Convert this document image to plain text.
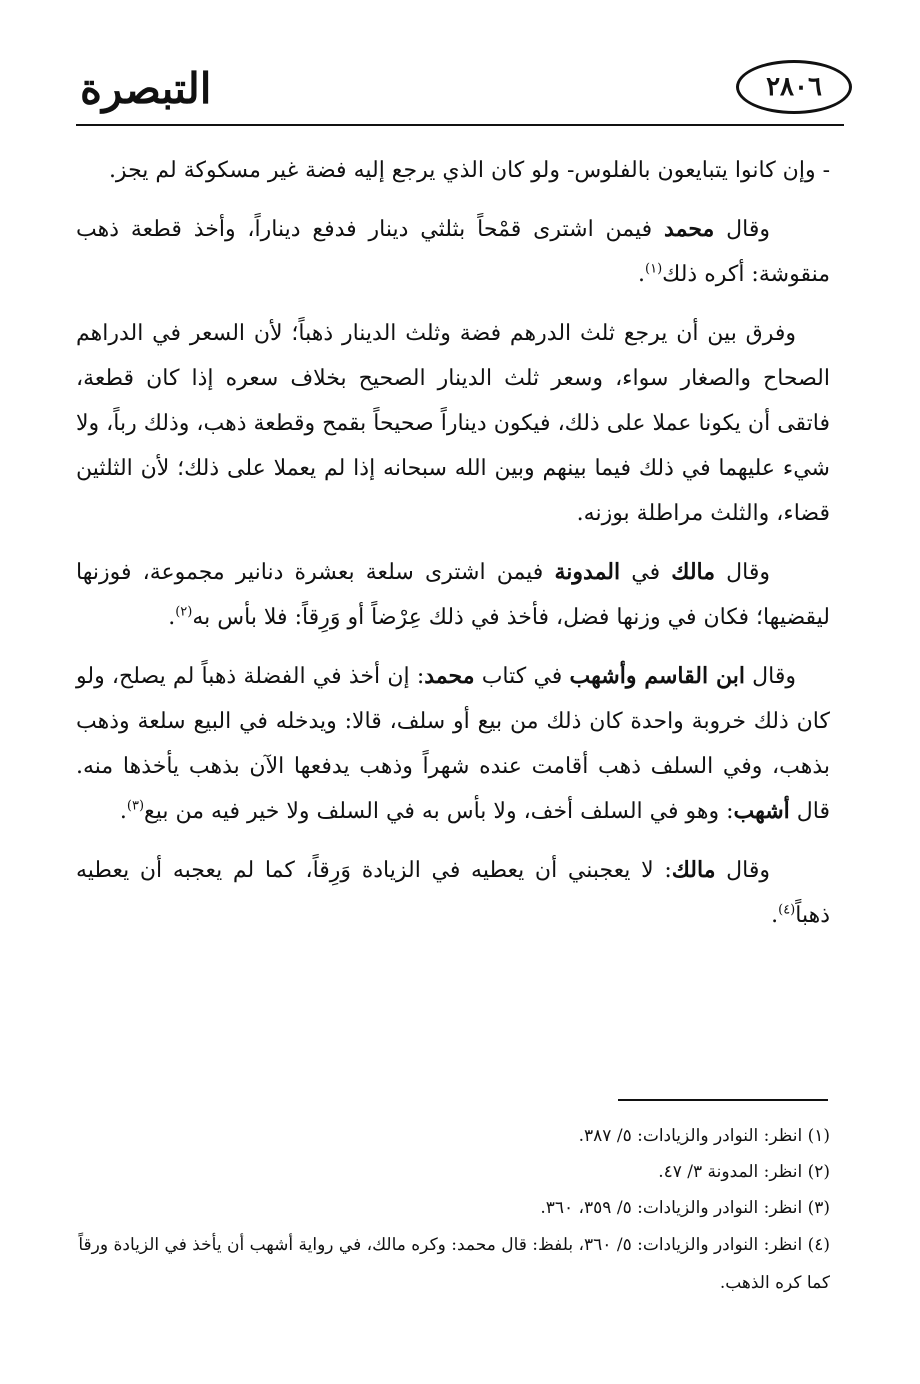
٢٨٠٦
التبصرة

- وإن كانوا يتبايعون بالفلوس- ولو كان الذي يرجع إليه فضة غير مسكوكة لم يجز.

وقال محمد فيمن اشترى قمْحاً بثلثي دينار فدفع ديناراً، وأخذ قطعة ذهب منقوشة: أكره ذلك$^{(١)}$.

وفرق بين أن يرجع ثلث الدرهم فضة وثلث الدينار ذهباً؛ لأن السعر في الدراهم الصحاح والصغار سواء، وسعر ثلث الدينار الصحيح بخلاف سعره إذا كان قطعة، فاتقى أن يكونا عملا على ذلك، فيكون ديناراً صحيحاً بقمح وقطعة ذهب، وذلك رباً، ولا شيء عليهما في ذلك فيما بينهم وبين الله سبحانه إذا لم يعملا على ذلك؛ لأن الثلثين قضاء، والثلث مراطلة بوزنه.

وقال مالك في المدونة فيمن اشترى سلعة بعشرة دنانير مجموعة، فوزنها ليقضيها؛ فكان في وزنها فضل، فأخذ في ذلك عِرْضاً أو وَرِقاً: فلا بأس به$^{(٢)}$.

وقال ابن القاسم وأشهب في كتاب محمد: إن أخذ في الفضلة ذهباً لم يصلح، ولو كان ذلك خروبة واحدة كان ذلك من بيع أو سلف، قالا: ويدخله في البيع سلعة وذهب بذهب، وفي السلف ذهب أقامت عنده شهراً وذهب يدفعها الآن بذهب يأخذها منه. قال أشهب: وهو في السلف أخف، ولا بأس به في السلف ولا خير فيه من بيع$^{(٣)}$.

وقال مالك: لا يعجبني أن يعطيه في الزيادة وَرِقاً، كما لم يعجبه أن يعطيه ذهباً$^{(٤)}$.

(١) انظر: النوادر والزيادات: ٥/ ٣٨٧.

(٢) انظر: المدونة ٣/ ٤٧.

(٣) انظر: النوادر والزيادات: ٥/ ٣٥٩، ٣٦٠.

(٤) انظر: النوادر والزيادات: ٥/ ٣٦٠، بلفظ: قال محمد: وكره مالك، في رواية أشهب أن يأخذ في الزيادة ورقاً كما كره الذهب.
